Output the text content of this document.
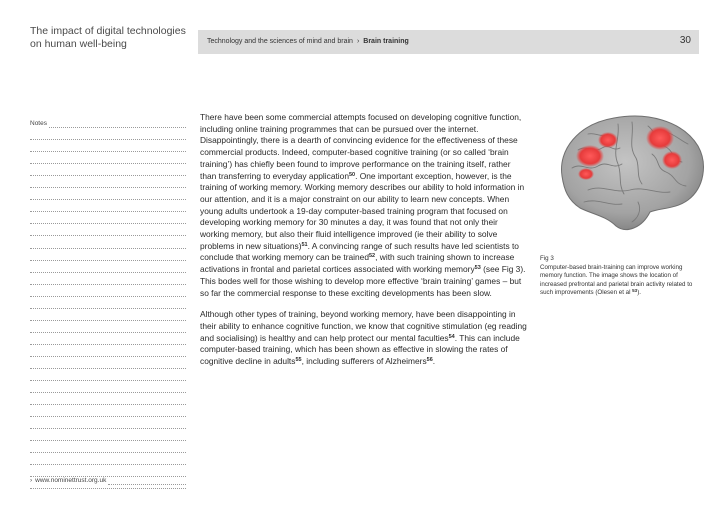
The impact of digital technologies
on human well-being	Technology and the sciences of mind and brain › Brain training	30
Notes
› www.nominettrust.org.uk

There have been some commercial attempts focused on developing cognitive function, including online training programmes that can be pursued over the internet. Disappointingly, there is a dearth of convincing evidence for the effectiveness of these commercial products. Indeed, computer-based cognitive training (or so called ‘brain training’) has chiefly been found to improve performance on the training itself, rather than transferring to everyday application$^{50}$. One important exception, however, is the training of working memory. Working memory describes our ability to hold information in our attention, and it is a major constraint on our ability to learn new concepts. When young adults undertook a 19-day computer-based training program that focused on developing working memory for 30 minutes a day, it was found that not only their working memory, but also their fluid intelligence improved (ie their ability to solve problems in new situations)$^{51}$. A convincing range of such results have led scientists to conclude that working memory can be trained$^{52}$, with such training shown to increase activations in frontal and parietal cortices associated with working memory$^{53}$ (see Fig 3). This bodes well for those wishing to develop more effective ‘brain training’ games – but so far the commercial response to these exciting developments has been slow.

Although other types of training, beyond working memory, have been disappointing in their ability to enhance cognitive function, we know that cognitive stimulation (eg reading and socialising) is healthy and can help protect our mental faculties$^{54}$. This can include computer-based training, which has been shown as effective in slowing the rates of cognitive decline in adults$^{55}$, including sufferers of Alzheimers$^{56}$.

Fig 3
Computer-based brain-training can improve working memory function. The image shows the location of increased prefrontal and parietal brain activity related to such improvements (Olesen et al $^{53}$).
